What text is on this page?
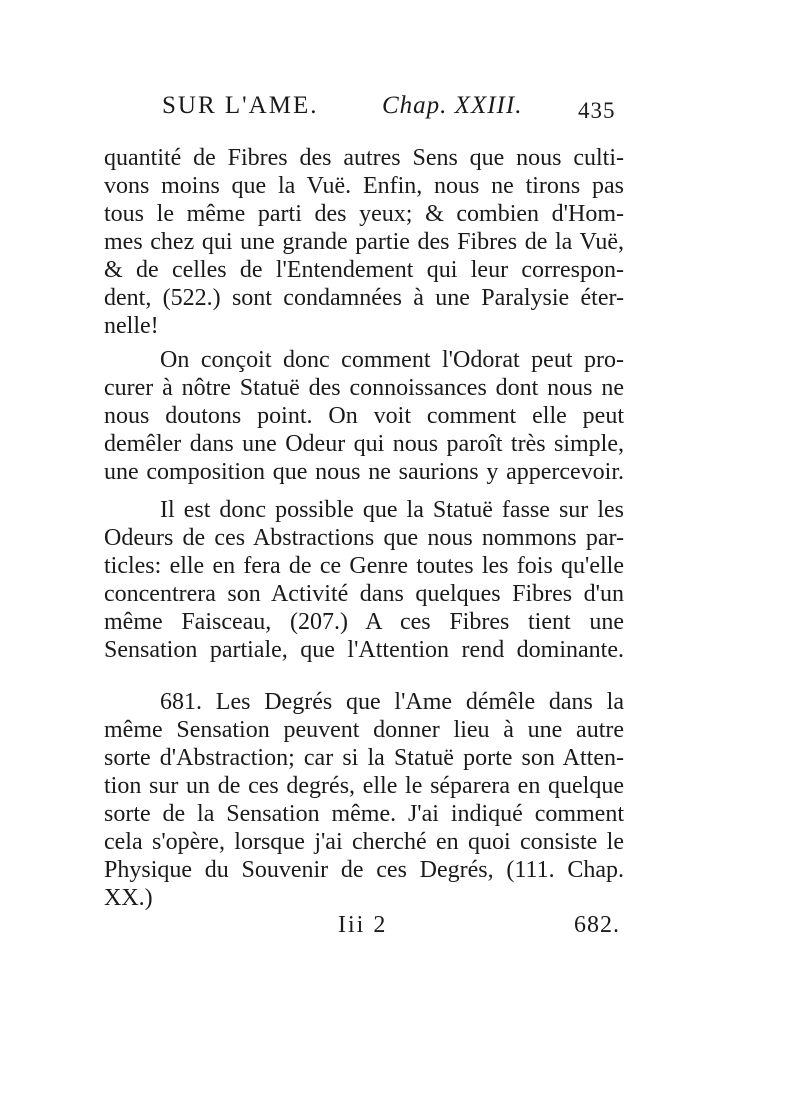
SUR L'AME.	Chap. XXIII. 435
quantité de Fibres des autres Sens que nous culti-
vons moins que la Vuë. Enfin, nous ne tirons pas
tous le même parti des yeux; & combien d'Hom-
mes chez qui une grande partie des Fibres de la Vuë,
& de celles de l'Entendement qui leur correspon-
dent, (522.) sont condamnées à une Paralysie éter-
nelle!
On conçoit donc comment l'Odorat peut pro-
curer à nôtre Statuë des connoissances dont nous ne
nous doutons point. On voit comment elle peut
demêler dans une Odeur qui nous paroît très simple,
une composition que nous ne saurions y appercevoir.
Il est donc possible que la Statuë fasse sur les
Odeurs de ces Abstractions que nous nommons par-
ticles: elle en fera de ce Genre toutes les fois qu'elle
concentrera son Activité dans quelques Fibres d'un
même Faisceau, (207.) A ces Fibres tient une
Sensation partiale, que l'Attention rend dominante.
681. Les Degrés que l'Ame démêle dans la
même Sensation peuvent donner lieu à une autre
sorte d'Abstraction; car si la Statuë porte son Atten-
tion sur un de ces degrés, elle le séparera en quelque
sorte de la Sensation même. J'ai indiqué comment
cela s'opère, lorsque j'ai cherché en quoi consiste le
Physique du Souvenir de ces Degrés, (111. Chap.
XX.)
Iii 2	682.
